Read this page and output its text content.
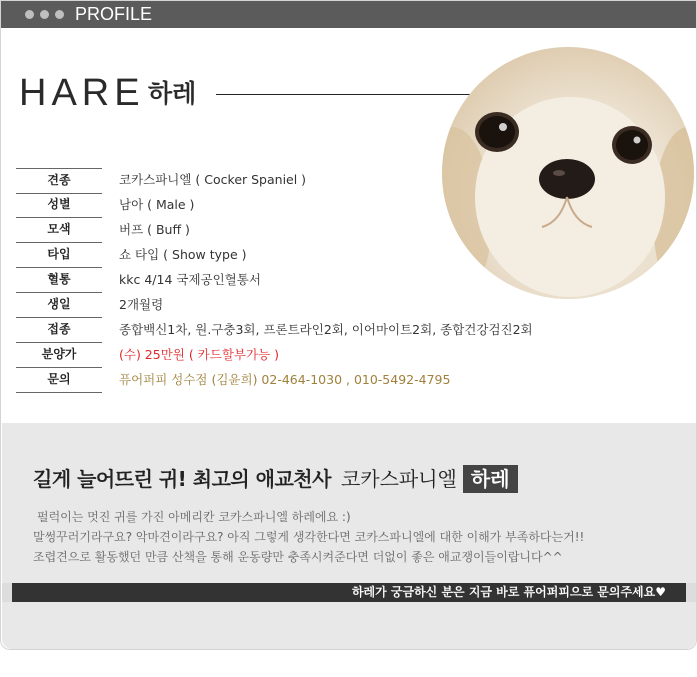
PROFILE
HARE 하레
견종	코카스파니엘 ( Cocker Spaniel )
성별	남아 ( Male )
모색	버프 ( Buff )
타입	쇼 타입 ( Show type )
혈통	kkc 4/14 국제공인혈통서
생일	2개월령
접종	종합백신1차, 원.구충3회, 프론트라인2회, 이어마이트2회, 종합건강검진2회
분양가	(수) 25만원 ( 카드할부가능 )
문의	퓨어퍼피 성수점 (김윤희) 02-464-1030 , 010-5492-4795
길게 늘어뜨린 귀! 최고의 애교천사 코카스파니엘 하레
펄럭이는 멋진 귀를 가진 아메리칸 코카스파니엘 하레에요 :)
말썽꾸러기라구요? 악마견이라구요? 아직 그렇게 생각한다면 코카스파니엘에 대한 이해가 부족하다는거!!
조렵견으로 활동했던 만큼 산책을 통해 운동량만 충족시켜준다면 더없이 좋은 애교쟁이들이랍니다^^
하레가 궁금하신 분은 지금 바로 퓨어퍼피으로 문의주세요♥
